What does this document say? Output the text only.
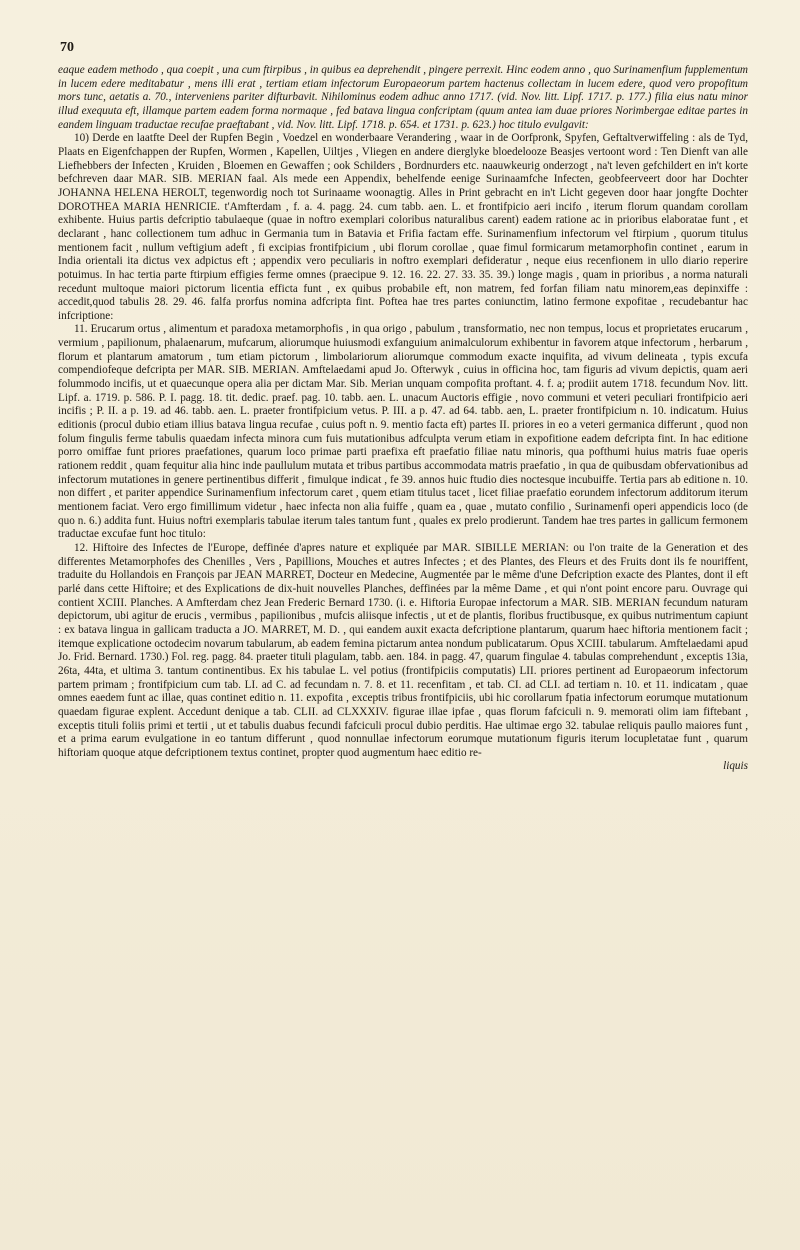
70

eaque eadem methodo , qua coepit , una cum ftirpibus , in quibus ea deprehendit , pingere perrexit. Hinc eodem anno , quo Surinamenfium fupplementum in lucem edere meditabatur , mens illi erat , tertiam etiam infectorum Europaeorum partem hactenus collectam in lucem edere, quod vero propofitum mors tunc, aetatis a. 70., interveniens pariter difturbavit. Nihilominus eodem adhuc anno 1717. (vid. Nov. litt. Lipf. 1717. p. 177.) filia eius natu minor illud exequuta eft, illamque partem eadem forma normaque , fed batava lingua confcriptam (quum antea iam duae priores Norimbergae editae partes in eandem linguam traductae recufae praeftabant , vid. Nov. litt. Lipf. 1718. p. 654. et 1731. p. 623.) hoc titulo evulgavit:

10) Derde en laatfte Deel der Rupfen Begin , Voedzel en wonderbaare Verandering , waar in de Oorfpronk, Spyfen, Geftaltverwiffeling : als de Tyd, Plaats en Eigenfchappen der Rupfen, Wormen , Kapellen, Uiltjes , Vliegen en andere dierglyke bloedelooze Beasjes vertoont word : Ten Dienft van alle Liefhebbers der Infecten , Kruiden , Bloemen en Gewaffen ; ook Schilders , Bordnurders etc. naauwkeurig onderzogt , na't leven gefchildert en in't korte befchreven daar MAR. SIB. MERIAN faal. Als mede een Appendix, behelfende eenige Surinaamfche Infecten, geobfeerveert door har Dochter JOHANNA HELENA HEROLT, tegenwordig noch tot Surinaame woonagtig. Alles in Print gebracht en in't Licht gegeven door haar jongfte Dochter DOROTHEA MARIA HENRICIE. t'Amfterdam , f. a. 4. pagg. 24. cum tabb. aen. L. et frontifpicio aeri incifo , iterum florum quandam corollam exhibente. Huius partis defcriptio tabulaeque (quae in noftro exemplari coloribus naturalibus carent) eadem ratione ac in prioribus elaboratae funt , et declarant , hanc collectionem tum adhuc in Germania tum in Batavia et Frifia factam effe. Surinamenfium infectorum vel ftirpium , quorum titulus mentionem facit , nullum veftigium adeft , fi excipias frontifpicium , ubi florum corollae , quae fimul formicarum metamorphofin continet , earum in India orientali ita dictus vex adpictus eft ; appendix vero peculiaris in noftro exemplari defideratur , neque eius recenfionem in ullo diario reperire potuimus. In hac tertia parte ftirpium effigies ferme omnes (praecipue 9. 12. 16. 22. 27. 33. 35. 39.) longe magis , quam in prioribus , a norma naturali recedunt multoque maiori pictorum licentia efficta funt , ex quibus probabile eft, non matrem, fed forfan filiam natu minorem,eas depinxiffe : accedit,quod tabulis 28. 29. 46. falfa prorfus nomina adfcripta fint. Poftea hae tres partes coniunctim, latino fermone expofitae , recudebantur hac infcriptione:

11. Erucarum ortus , alimentum et paradoxa metamorphofis , in qua origo , pabulum , transformatio, nec non tempus, locus et proprietates erucarum , vermium , papilionum, phalaenarum, mufcarum, aliorumque huiusmodi exfanguium animalculorum exhibentur in favorem atque infectorum , herbarum , florum et plantarum amatorum , tum etiam pictorum , limbolariorum aliorumque commodum exacte inquifita, ad vivum delineata , typis excufa compendiofeque defcripta per MAR. SIB. MERIAN. Amftelaedami apud Jo. Ofterwyk , cuius in officina hoc, tam figuris ad vivum depictis, quam aeri folummodo incifis, ut et quaecunque opera alia per dictam Mar. Sib. Merian unquam compofita proftant. 4. f. a; prodiit autem 1718. fecundum Nov. litt. Lipf. a. 1719. p. 586. P. I. pagg. 18. tit. dedic. praef. pag. 10. tabb. aen. L. unacum Auctoris effigie , novo communi et veteri peculiari frontifpicio aeri incifis ; P. II. a p. 19. ad 46. tabb. aen. L. praeter frontifpicium vetus. P. III. a p. 47. ad 64. tabb. aen, L. praeter frontifpicium n. 10. indicatum. Huius editionis (procul dubio etiam illius batava lingua recufae , cuius poft n. 9. mentio facta eft) partes II. priores in eo a veteri germanica differunt , quod non folum fingulis ferme tabulis quaedam infecta minora cum fuis mutationibus adfculpta verum etiam in expofitione eadem defcripta fint. In hac editione porro omiffae funt priores praefationes, quarum loco primae parti praefixa eft praefatio filiae natu minoris, qua pofthumi huius matris fuae operis rationem reddit , quam fequitur alia hinc inde paullulum mutata et tribus partibus accommodata matris praefatio , in qua de quibusdam obfervationibus ad infectorum mutationes in genere pertinentibus differit , fimulque indicat , fe 39. annos huic ftudio dies noctesque incubuiffe. Tertia pars ab editione n. 10. non differt , et pariter appendice Surinamenfium infectorum caret , quem etiam titulus tacet , licet filiae praefatio eorundem infectorum additorum iterum mentionem faciat. Vero ergo fimillimum videtur , haec infecta non alia fuiffe , quam ea , quae , mutato confilio , Surinamenfi operi appendicis loco (de quo n. 6.) addita funt. Huius noftri exemplaris tabulae iterum tales tantum funt , quales ex prelo prodierunt. Tandem hae tres partes in gallicum fermonem traductae excufae funt hoc titulo:

12. Hiftoire des Infectes de l'Europe, deffinée d'apres nature et expliquée par MAR. SIBILLE MERIAN: ou l'on traite de la Generation et des differentes Metamorphofes des Chenilles , Vers , Papillions, Mouches et autres Infectes ; et des Plantes, des Fleurs et des Fruits dont ils fe nouriffent, traduite du Hollandois en François par JEAN MARRET, Docteur en Medecine, Augmentée par le même d'une Defcription exacte des Plantes, dont il eft parlé dans cette Hiftoire; et des Explications de dix-huit nouvelles Planches, deffinées par la même Dame , et qui n'ont point encore paru. Ouvrage qui contient XCIII. Planches. A Amfterdam chez Jean Frederic Bernard 1730. (i. e. Hiftoria Europae infectorum a MAR. SIB. MERIAN fecundum naturam depictorum, ubi agitur de erucis , vermibus , papilionibus , mufcis aliisque infectis , ut et de plantis, floribus fructibusque, ex quibus nutrimentum capiunt : ex batava lingua in gallicam traducta a JO. MARRET, M. D. , qui eandem auxit exacta defcriptione plantarum, quarum haec hiftoria mentionem facit ; itemque explicatione octodecim novarum tabularum, ab eadem femina pictarum antea nondum publicatarum. Opus XCIII. tabularum. Amftelaedami apud Jo. Frid. Bernard. 1730.) Fol. reg. pagg. 84. praeter tituli plagulam, tabb. aen. 184. in pagg. 47, quarum fingulae 4. tabulas comprehendunt , exceptis 13ia, 26ta, 44ta, et ultima 3. tantum continentibus. Ex his tabulae L. vel potius (frontifpiciis computatis) LII. priores pertinent ad Europaeorum infectorum partem primam ; frontifpicium cum tab. LI. ad C. ad fecundam n. 7. 8. et 11. recenfitam , et tab. CI. ad CLI. ad tertiam n. 10. et 11. indicatam , quae omnes eaedem funt ac illae, quas continet editio n. 11. expofita , exceptis tribus frontifpiciis, ubi hic corollarum fpatia infectorum eorumque mutationum quaedam figurae explent. Accedunt denique a tab. CLII. ad CLXXXIV. figurae illae ipfae , quas florum fafciculi n. 9. memorati olim iam fiftebant , exceptis tituli foliis primi et tertii , ut et tabulis duabus fecundi fafciculi procul dubio perditis. Hae ultimae ergo 32. tabulae reliquis paullo maiores funt , et a prima earum evulgatione in eo tantum differunt , quod nonnullae infectorum eorumque mutationum figuris iterum locupletatae funt , quarum hiftoriam quoque atque defcriptionem textus continet, propter quod augmentum haec editio re-

liquis
